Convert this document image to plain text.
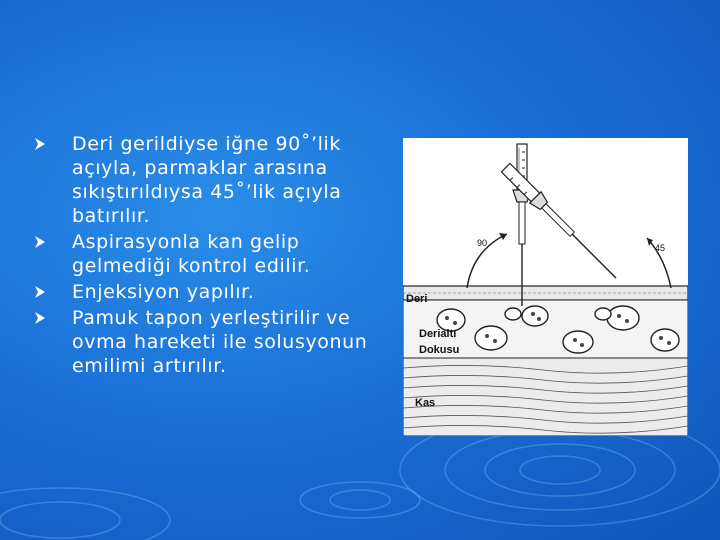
Deri gerildiyse iğne 90˚’lik açıyla, parmaklar arasına sıkıştırıldıysa 45˚’lik açıyla batırılır.
Aspirasyonla kan gelip gelmediği kontrol edilir.
Enjeksiyon yapılır.
Pamuk tapon yerleştirilir ve ovma hareketi ile solusyonun emilimi artırılır.
90	45
Deri
Derialtı
Dokusu
Kas
